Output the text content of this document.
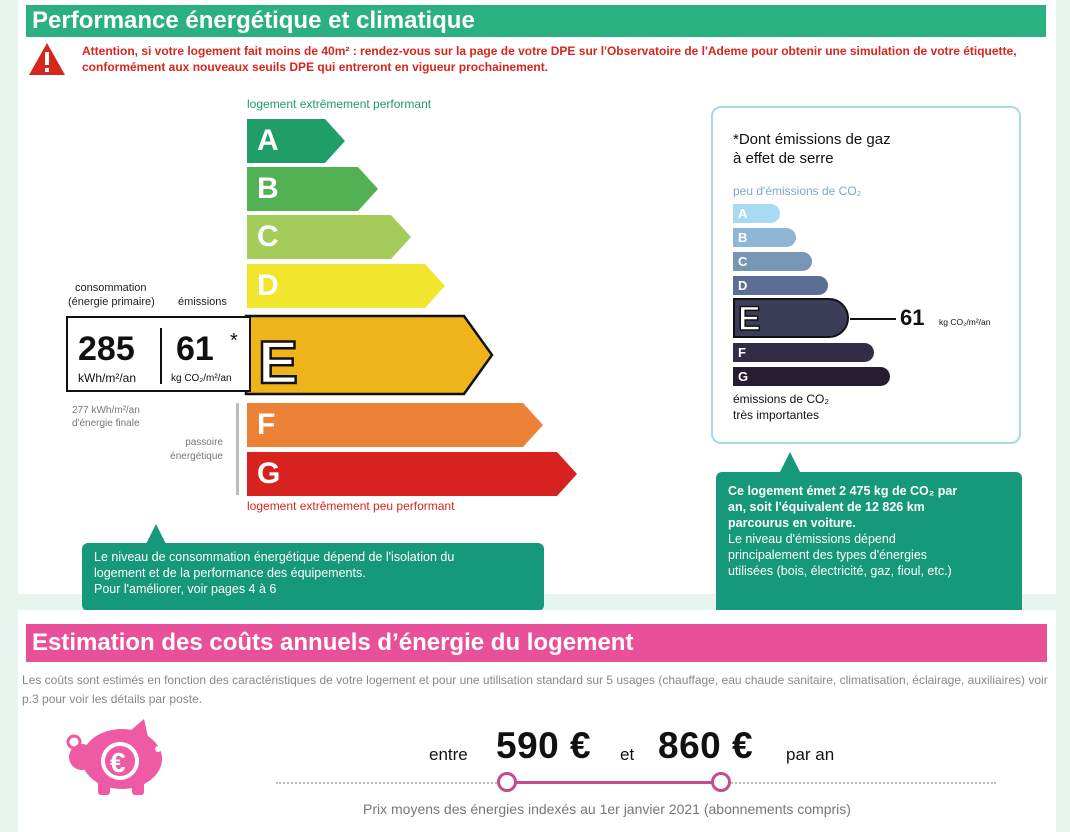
Performance énergétique et climatique
Attention, si votre logement fait moins de 40m² : rendez-vous sur la page de votre DPE sur l'Observatoire de l'Ademe pour obtenir une simulation de votre étiquette, conformément aux nouveaux seuils DPE qui entreront en vigueur prochainement.
logement extrêmement performant
A
B
C
D
E
consommation
(énergie primaire) émissions
285
kWh/m²/an
61 *
kg CO₂/m²/an
277 kWh/m²/an
d'énergie finale
passoire
énergétique
F
G
logement extrêmement peu performant
Le niveau de consommation énergétique dépend de l'isolation du
logement et de la performance des équipements.
Pour l'améliorer, voir pages 4 à 6
*Dont émissions de gaz
à effet de serre
peu d'émissions de CO₂
A
B
C
D
E	61 kg CO₂/m²/an
F
G
émissions de CO₂
très importantes
Ce logement émet 2 475 kg de CO₂ par
an, soit l'équivalent de 12 826 km
parcourus en voiture.
Le niveau d'émissions dépend
principalement des types d'énergies
utilisées (bois, électricité, gaz, fioul, etc.)
Estimation des coûts annuels d’énergie du logement
Les coûts sont estimés en fonction des caractéristiques de votre logement et pour une utilisation standard sur 5 usages (chauffage, eau chaude sanitaire, climatisation, éclairage, auxiliaires) voir p.3 pour voir les détails par poste.
€	entre 590 € et 860 € par an
Prix moyens des énergies indexés au 1er janvier 2021 (abonnements compris)
